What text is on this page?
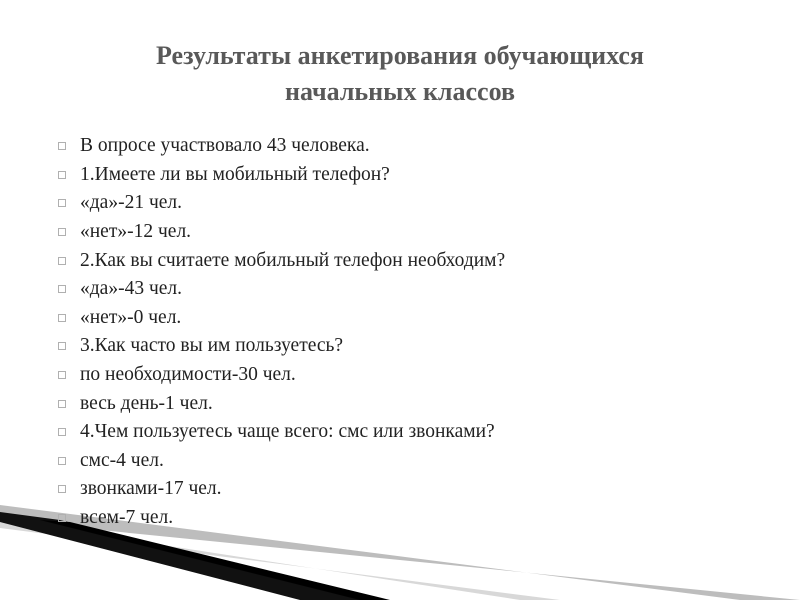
Результаты анкетирования обучающихся
начальных классов
В опросе участвовало 43 человека.
1.Имеете ли вы мобильный телефон?
«да»-21 чел.
«нет»-12 чел.
2.Как вы считаете мобильный телефон необходим?
«да»-43 чел.
«нет»-0 чел.
3.Как часто вы им пользуетесь?
по необходимости-30 чел.
весь день-1 чел.
4.Чем пользуетесь чаще всего: смс или звонками?
смс-4 чел.
звонками-17 чел.
всем-7 чел.
